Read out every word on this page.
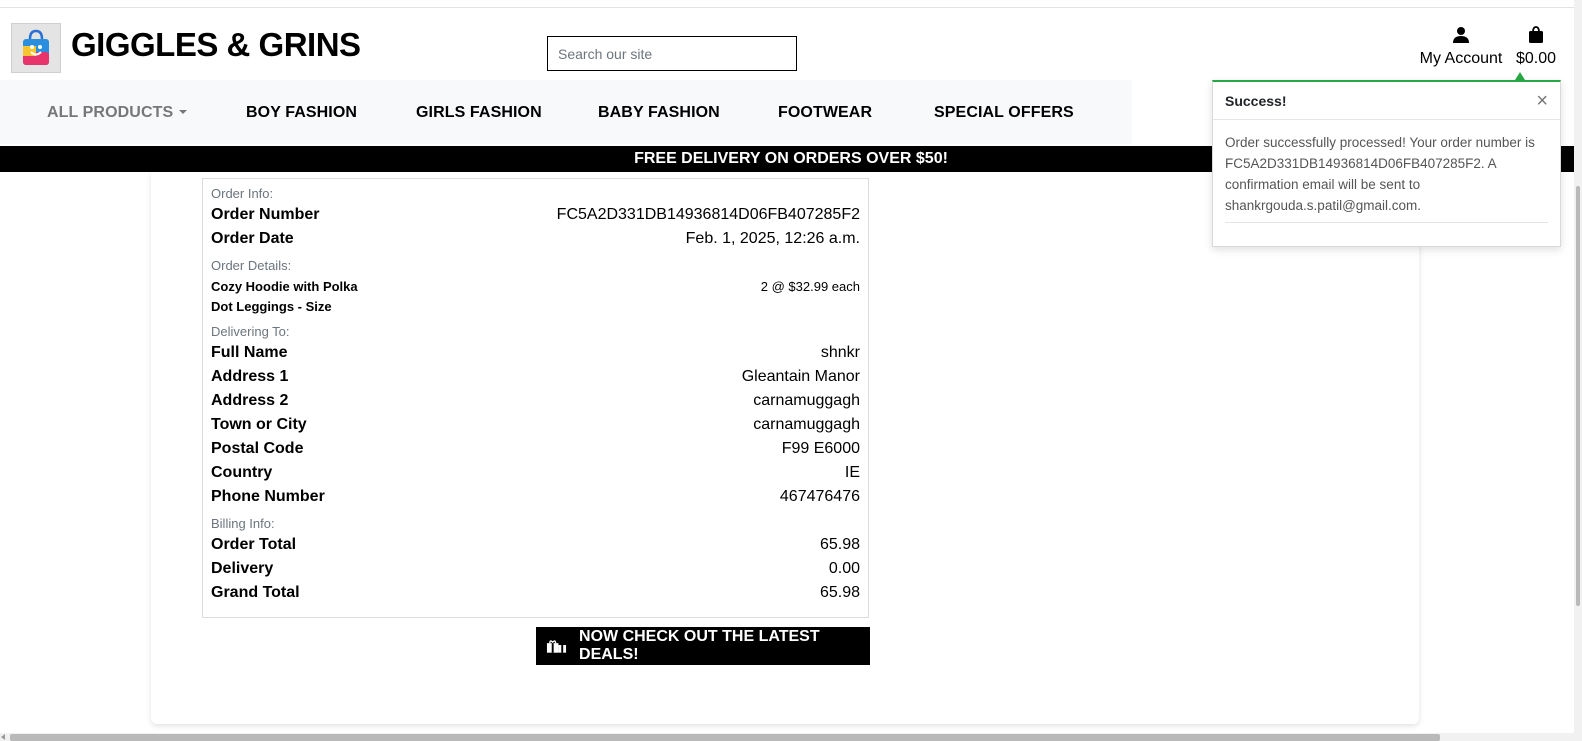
GIGGLES & GRINS
Search our site	My Account $0.00
ALL PRODUCTS	BOY FASHION	GIRLS FASHION	BABY FASHION	FOOTWEAR	SPECIAL OFFERS
FREE DELIVERY ON ORDERS OVER $50!
Order Info:
Order Number	FC5A2D331DB14936814D06FB407285F2
Order Date	Feb. 1, 2025, 12:26 a.m.
Order Details:
Cozy Hoodie with Polka Dot Leggings - Size
2 @ $32.99 each
Delivering To:
Full Name	shnkr
Address 1	Gleantain Manor
Address 2	carnamuggagh
Town or City	carnamuggagh
Postal Code	F99 E6000
Country	IE
Phone Number	467476476
Billing Info:
Order Total	65.98
Delivery	0.00
Grand Total	65.98
NOW CHECK OUT THE LATEST DEALS!
Success!	×
Order successfully processed! Your order number is FC5A2D331DB14936814D06FB407285F2. A confirmation email will be sent to shankrgouda.s.patil@gmail.com.
